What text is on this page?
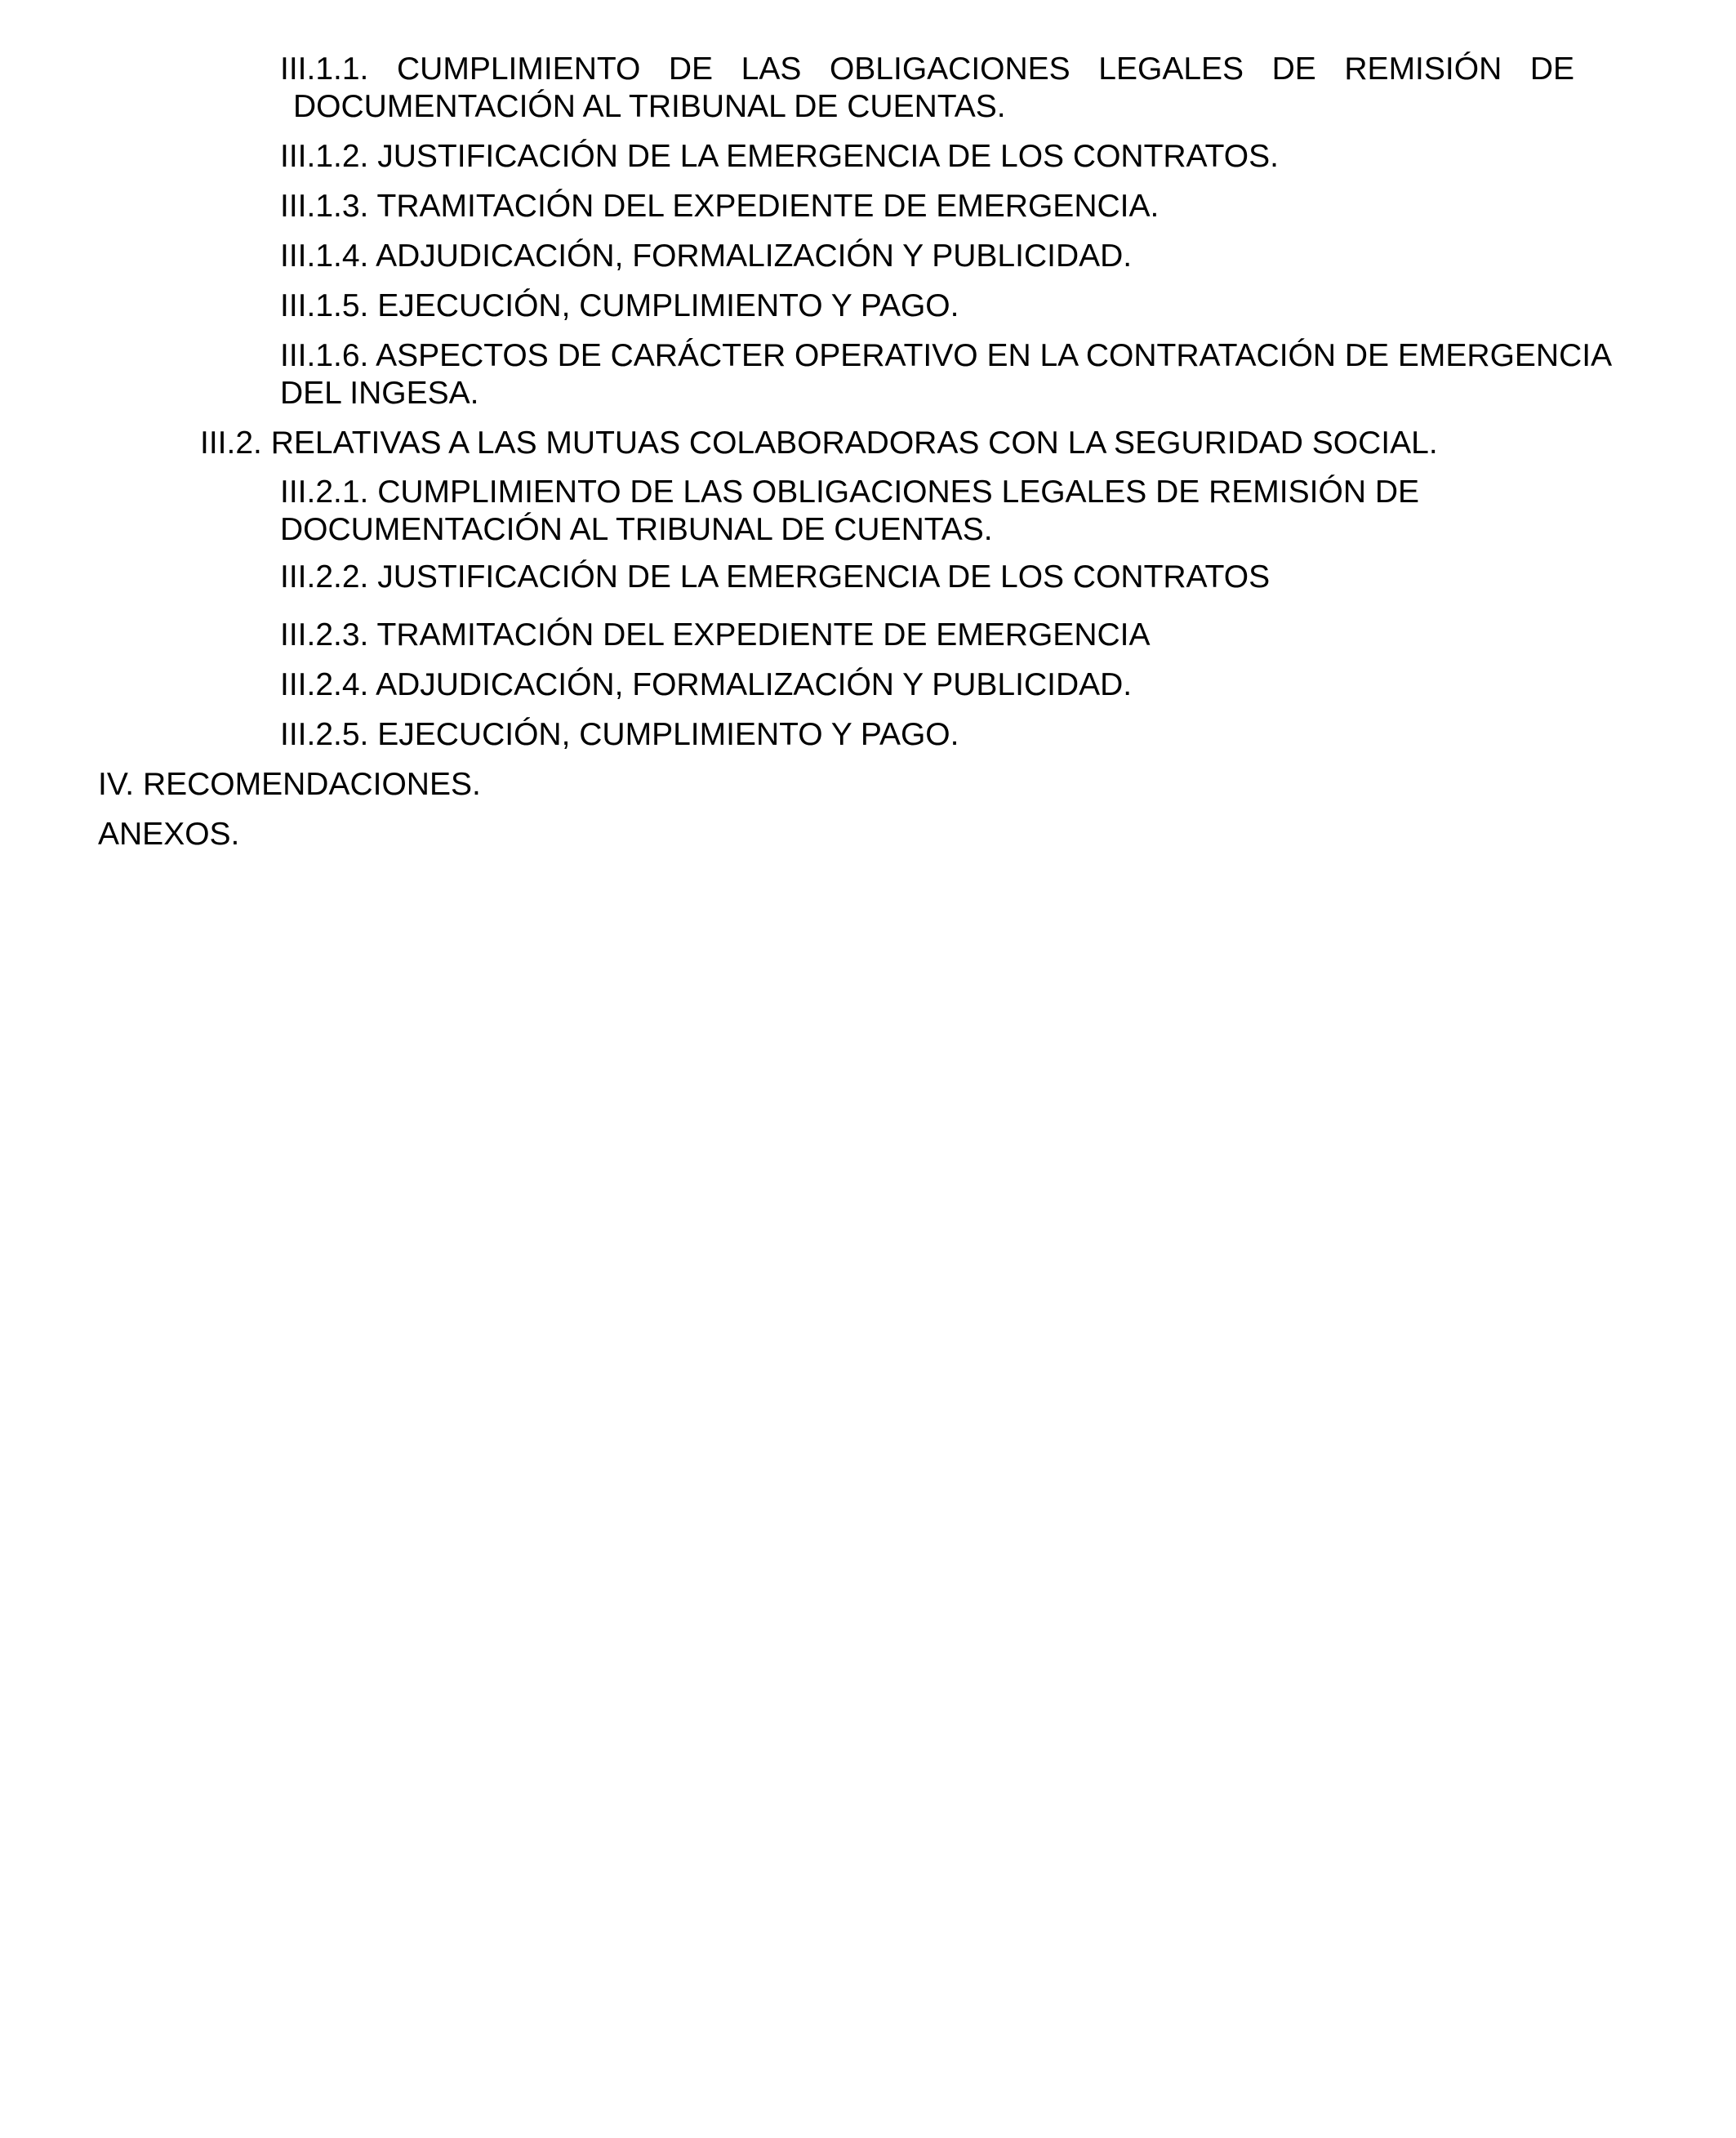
III.1.1. CUMPLIMIENTO DE LAS OBLIGACIONES LEGALES DE REMISIÓN DE
DOCUMENTACIÓN AL TRIBUNAL DE CUENTAS.
III.1.2. JUSTIFICACIÓN DE LA EMERGENCIA DE LOS CONTRATOS.
III.1.3. TRAMITACIÓN DEL EXPEDIENTE DE EMERGENCIA.
III.1.4. ADJUDICACIÓN, FORMALIZACIÓN Y PUBLICIDAD.
III.1.5. EJECUCIÓN, CUMPLIMIENTO Y PAGO.
III.1.6. ASPECTOS DE CARÁCTER OPERATIVO EN LA CONTRATACIÓN DE EMERGENCIA
DEL INGESA.
III.2. RELATIVAS A LAS MUTUAS COLABORADORAS CON LA SEGURIDAD SOCIAL.
III.2.1. CUMPLIMIENTO DE LAS OBLIGACIONES LEGALES DE REMISIÓN DE
DOCUMENTACIÓN AL TRIBUNAL DE CUENTAS.
III.2.2. JUSTIFICACIÓN DE LA EMERGENCIA DE LOS CONTRATOS
III.2.3. TRAMITACIÓN DEL EXPEDIENTE DE EMERGENCIA
III.2.4. ADJUDICACIÓN, FORMALIZACIÓN Y PUBLICIDAD.
III.2.5. EJECUCIÓN, CUMPLIMIENTO Y PAGO.
IV. RECOMENDACIONES.
ANEXOS.
